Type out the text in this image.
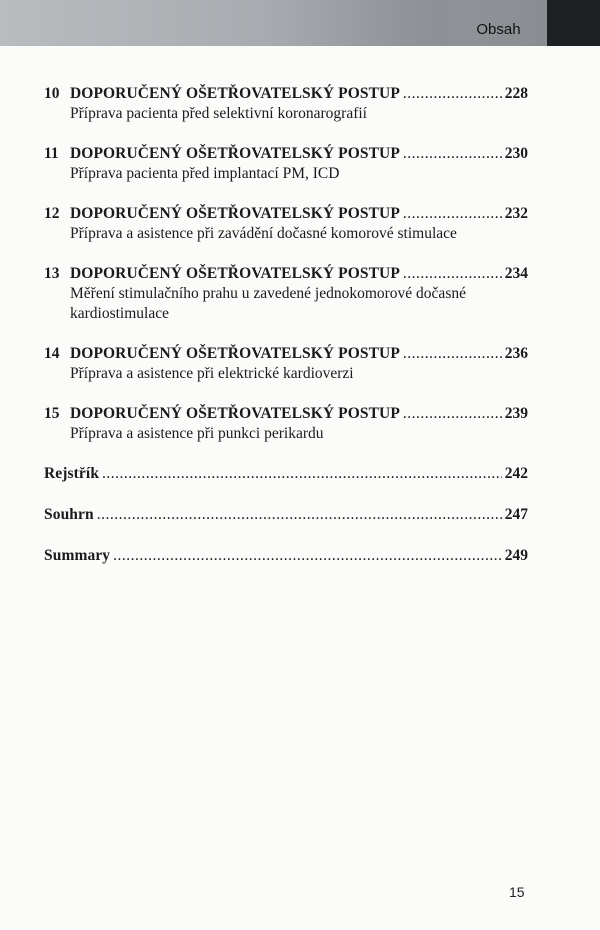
Obsah
10 DOPORUČENÝ OŠETŘOVATELSKÝ POSTUP .....	228
Příprava pacienta před selektivní koronarografií
11 DOPORUČENÝ OŠETŘOVATELSKÝ POSTUP .....	230
Příprava pacienta před implantací PM, ICD
12 DOPORUČENÝ OŠETŘOVATELSKÝ POSTUP .....	232
Příprava a asistence při zavádění dočasné komorové stimulace
13 DOPORUČENÝ OŠETŘOVATELSKÝ POSTUP .....	234
Měření stimulačního prahu u zavedené jednokomorové dočasné kardiostimulace
14 DOPORUČENÝ OŠETŘOVATELSKÝ POSTUP .....	236
Příprava a asistence při elektrické kardioverzi
15 DOPORUČENÝ OŠETŘOVATELSKÝ POSTUP .....	239
Příprava a asistence při punkci perikardu
Rejstřík .....	242
Souhrn .....	247
Summary .....	249
15
